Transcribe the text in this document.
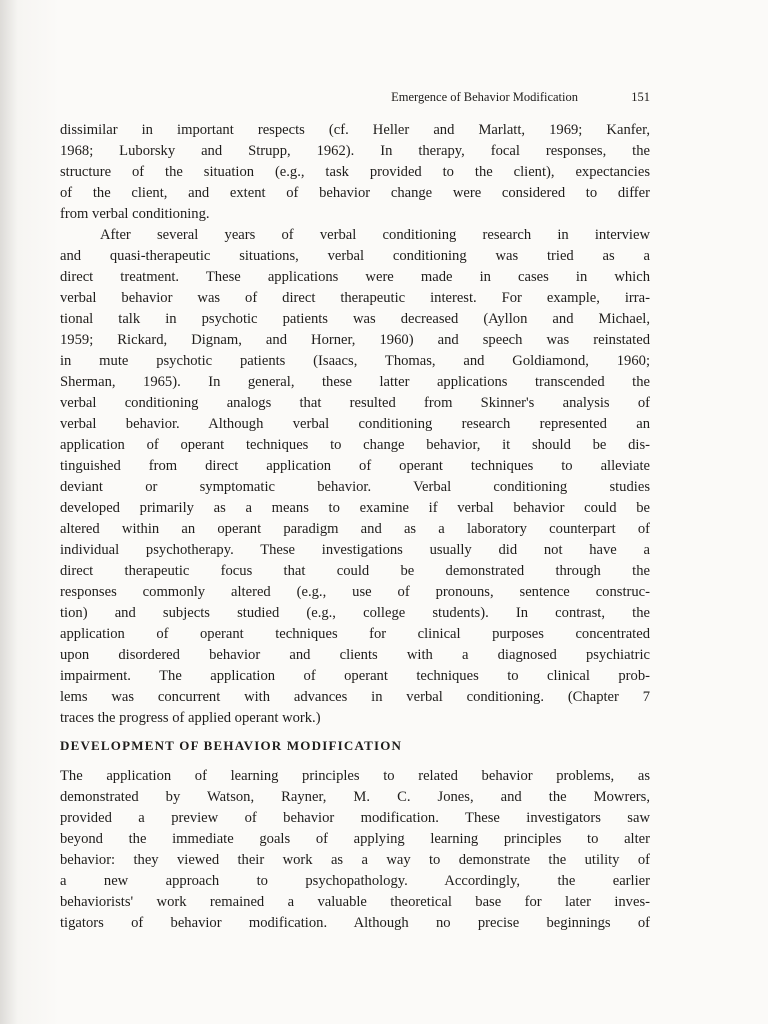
Emergence of Behavior Modification	151
dissimilar in important respects (cf. Heller and Marlatt, 1969; Kanfer,
1968; Luborsky and Strupp, 1962). In therapy, focal responses, the
structure of the situation (e.g., task provided to the client), expectancies
of the client, and extent of behavior change were considered to differ
from verbal conditioning.
After several years of verbal conditioning research in interview
and quasi-therapeutic situations, verbal conditioning was tried as a
direct treatment. These applications were made in cases in which
verbal behavior was of direct therapeutic interest. For example, irra-
tional talk in psychotic patients was decreased (Ayllon and Michael,
1959; Rickard, Dignam, and Horner, 1960) and speech was reinstated
in mute psychotic patients (Isaacs, Thomas, and Goldiamond, 1960;
Sherman, 1965). In general, these latter applications transcended the
verbal conditioning analogs that resulted from Skinner's analysis of
verbal behavior. Although verbal conditioning research represented an
application of operant techniques to change behavior, it should be dis-
tinguished from direct application of operant techniques to alleviate
deviant or symptomatic behavior. Verbal conditioning studies
developed primarily as a means to examine if verbal behavior could be
altered within an operant paradigm and as a laboratory counterpart of
individual psychotherapy. These investigations usually did not have a
direct therapeutic focus that could be demonstrated through the
responses commonly altered (e.g., use of pronouns, sentence construc-
tion) and subjects studied (e.g., college students). In contrast, the
application of operant techniques for clinical purposes concentrated
upon disordered behavior and clients with a diagnosed psychiatric
impairment. The application of operant techniques to clinical prob-
lems was concurrent with advances in verbal conditioning. (Chapter 7
traces the progress of applied operant work.)
DEVELOPMENT OF BEHAVIOR MODIFICATION
The application of learning principles to related behavior problems, as
demonstrated by Watson, Rayner, M. C. Jones, and the Mowrers,
provided a preview of behavior modification. These investigators saw
beyond the immediate goals of applying learning principles to alter
behavior: they viewed their work as a way to demonstrate the utility of
a new approach to psychopathology. Accordingly, the earlier
behaviorists' work remained a valuable theoretical base for later inves-
tigators of behavior modification. Although no precise beginnings of
